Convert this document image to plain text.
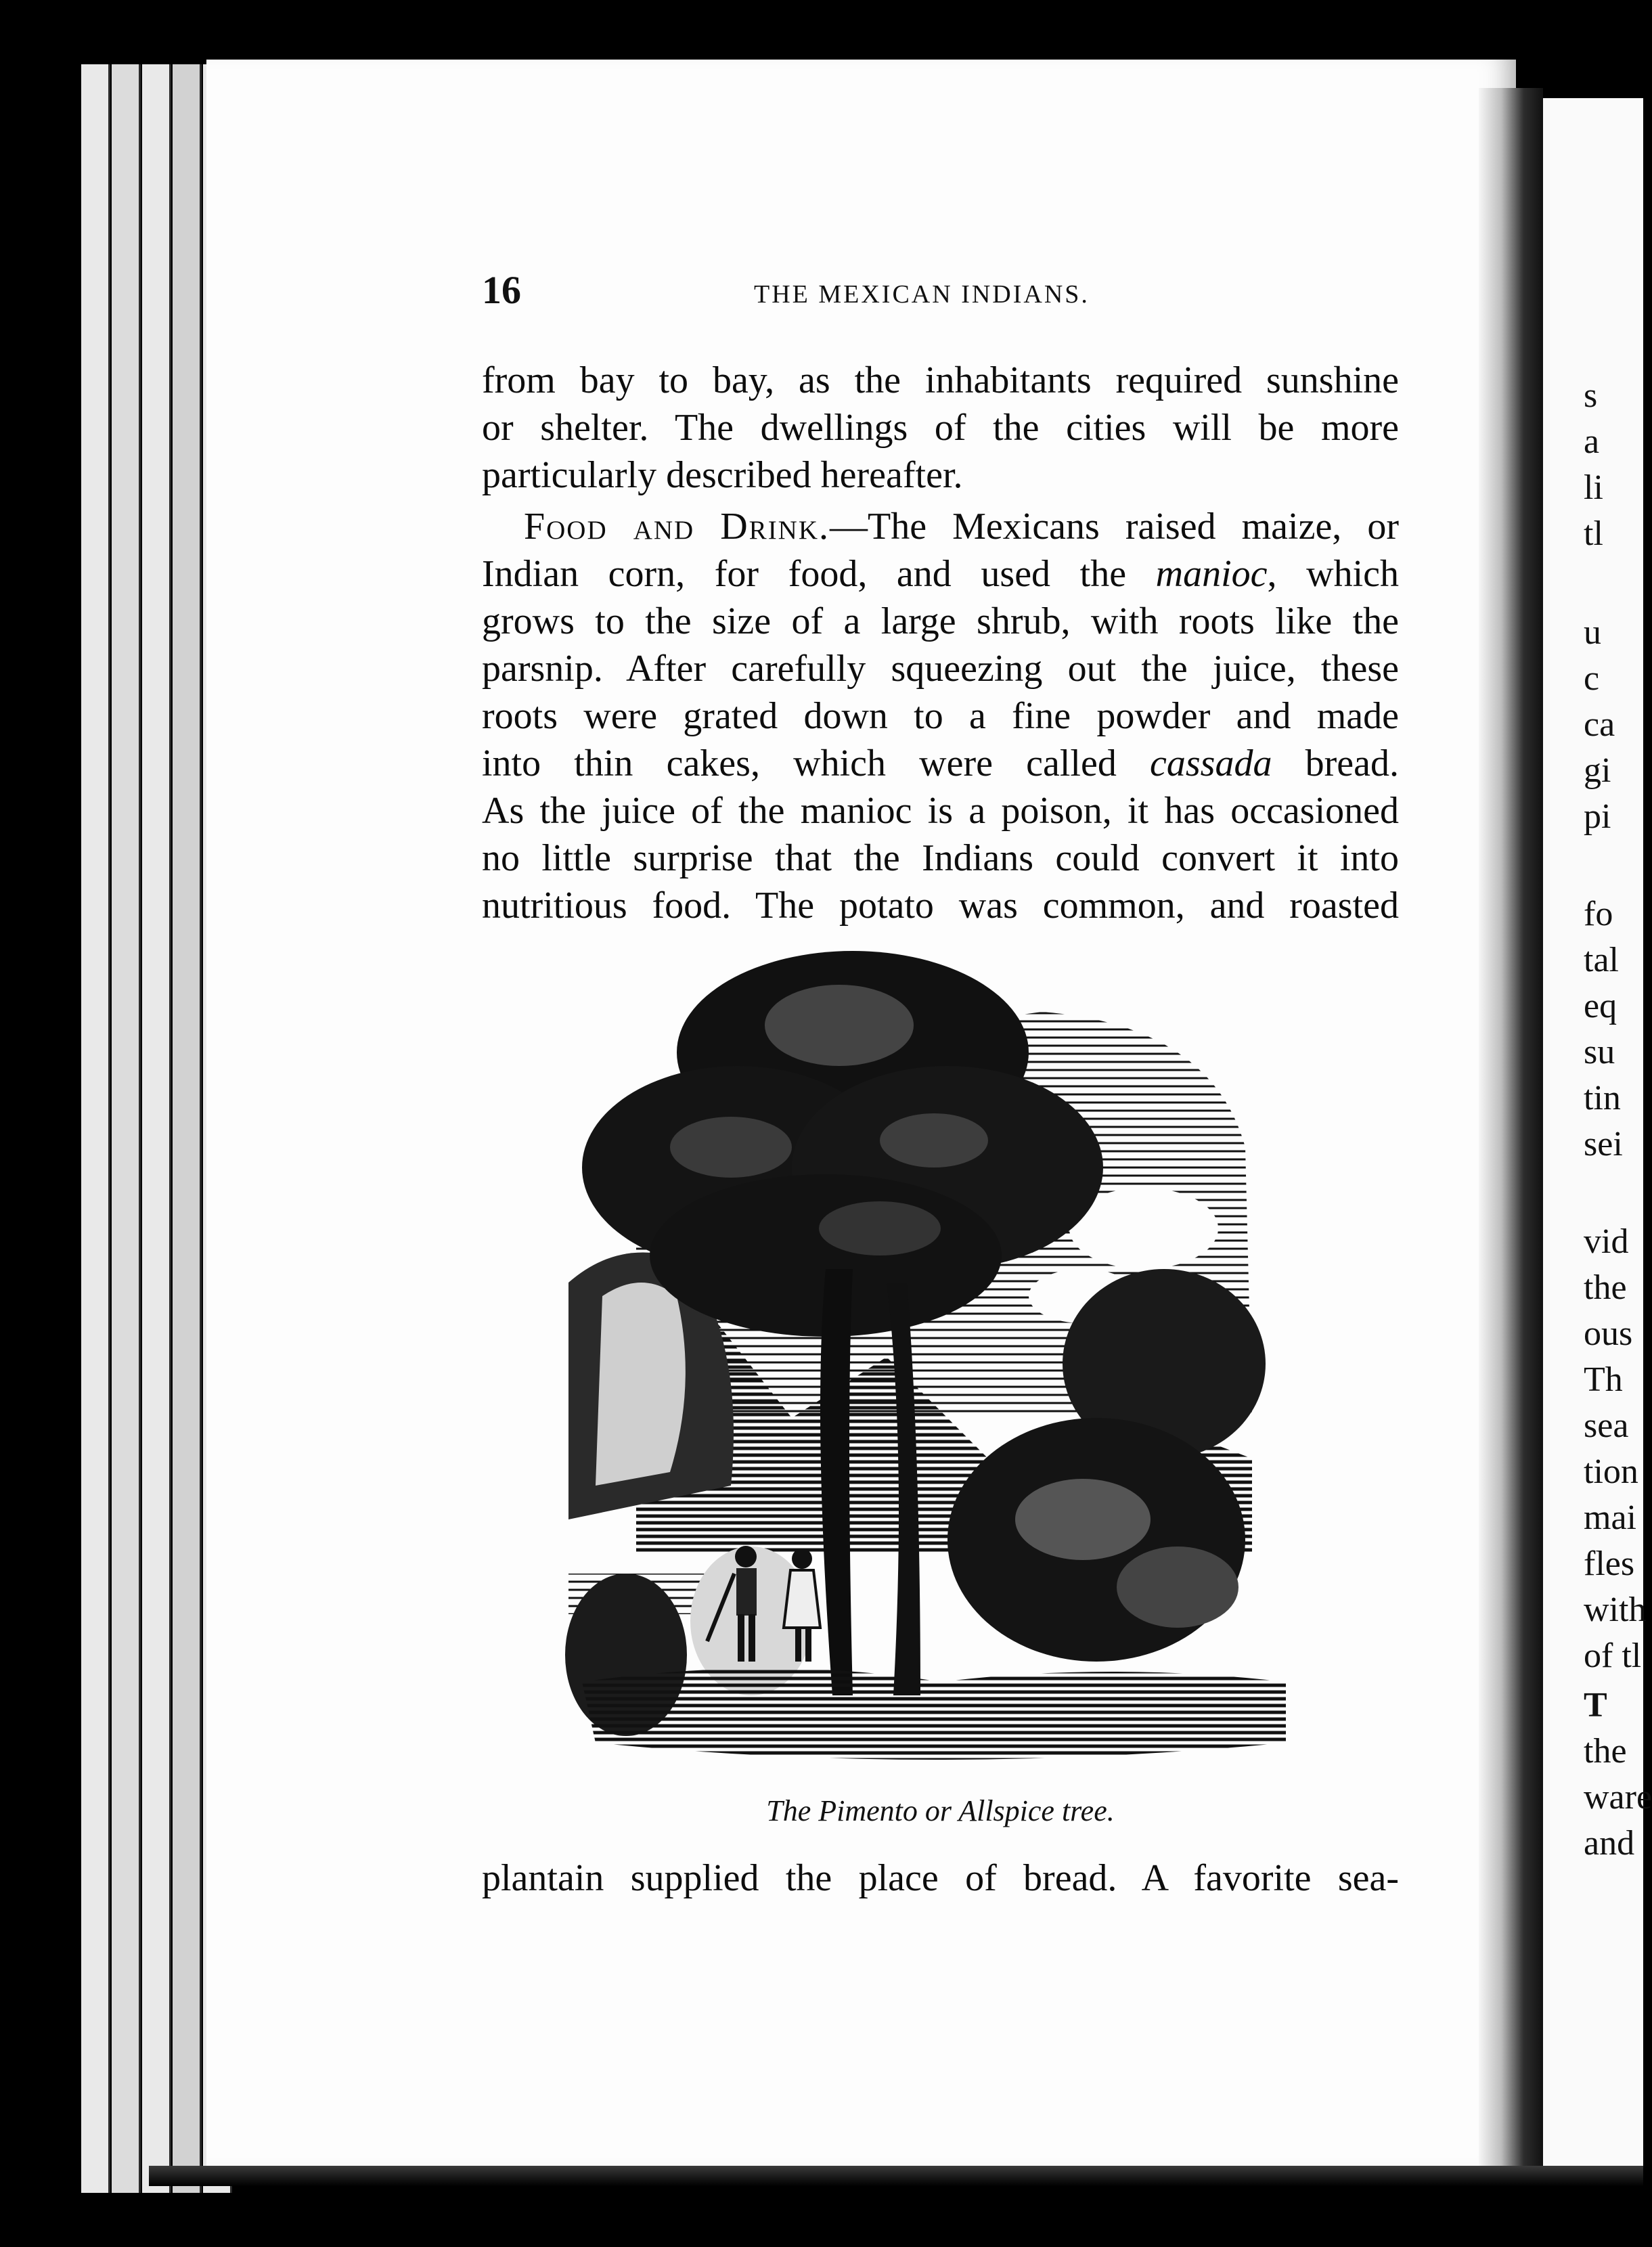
s
a
li
tl
u
c
ca
gi
pi
fo
tal
eq
su
tin
sei
vid
the
ous
Th
sea
tion
mai
fles
with
of tl
T
the
ware
and
16	THE MEXICAN INDIANS.
from bay to bay, as the inhabitants required sunshine
or shelter. The dwellings of the cities will be more
particularly described hereafter.
Food and Drink.—The Mexicans raised maize, or
Indian corn, for food, and used the manioc, which
grows to the size of a large shrub, with roots like the
parsnip. After carefully squeezing out the juice, these
roots were grated down to a fine powder and made
into thin cakes, which were called cassada bread.
As the juice of the manioc is a poison, it has occasioned
no little surprise that the Indians could convert it into
nutritious food. The potato was common, and roasted
The Pimento or Allspice tree.
plantain supplied the place of bread. A favorite sea-
